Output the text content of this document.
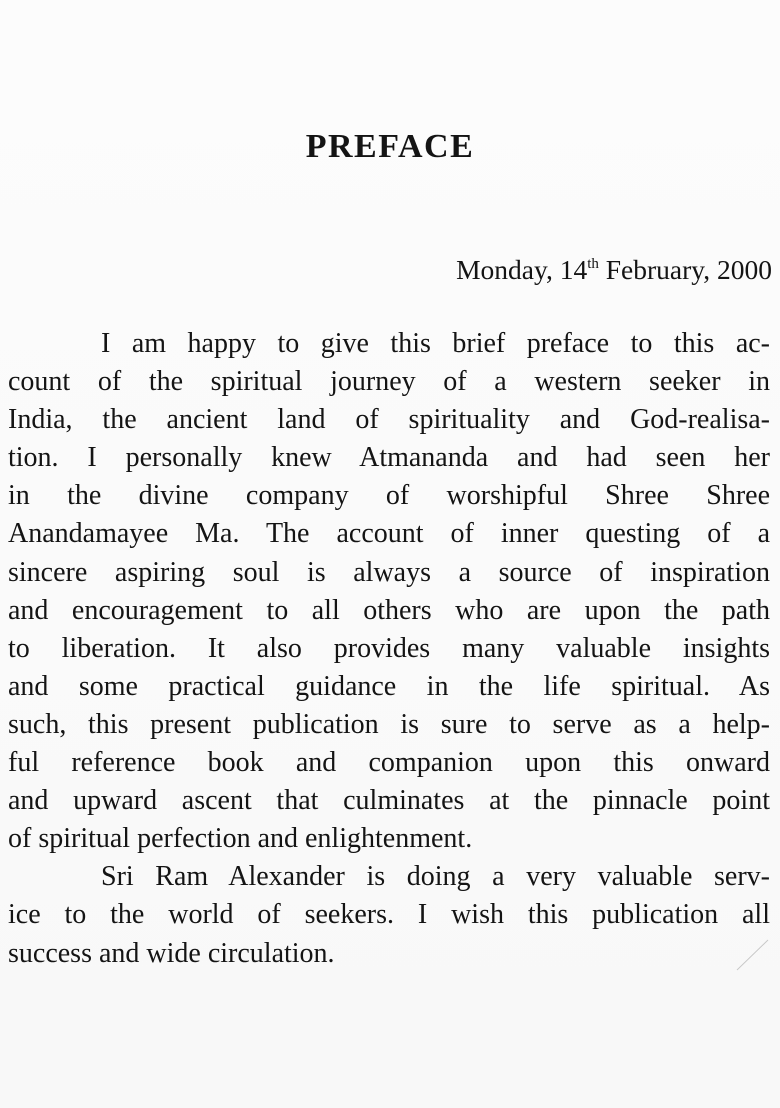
PREFACE
Monday, 14th February, 2000
I am happy to give this brief preface to this ac-
count of the spiritual journey of a western seeker in
India, the ancient land of spirituality and God-realisa-
tion. I personally knew Atmananda and had seen her
in the divine company of worshipful Shree Shree
Anandamayee Ma. The account of inner questing of a
sincere aspiring soul is always a source of inspiration
and encouragement to all others who are upon the path
to liberation. It also provides many valuable insights
and some practical guidance in the life spiritual. As
such, this present publication is sure to serve as a help-
ful reference book and companion upon this onward
and upward ascent that culminates at the pinnacle point
of spiritual perfection and enlightenment.
Sri Ram Alexander is doing a very valuable serv-
ice to the world of seekers. I wish this publication all
success and wide circulation.
